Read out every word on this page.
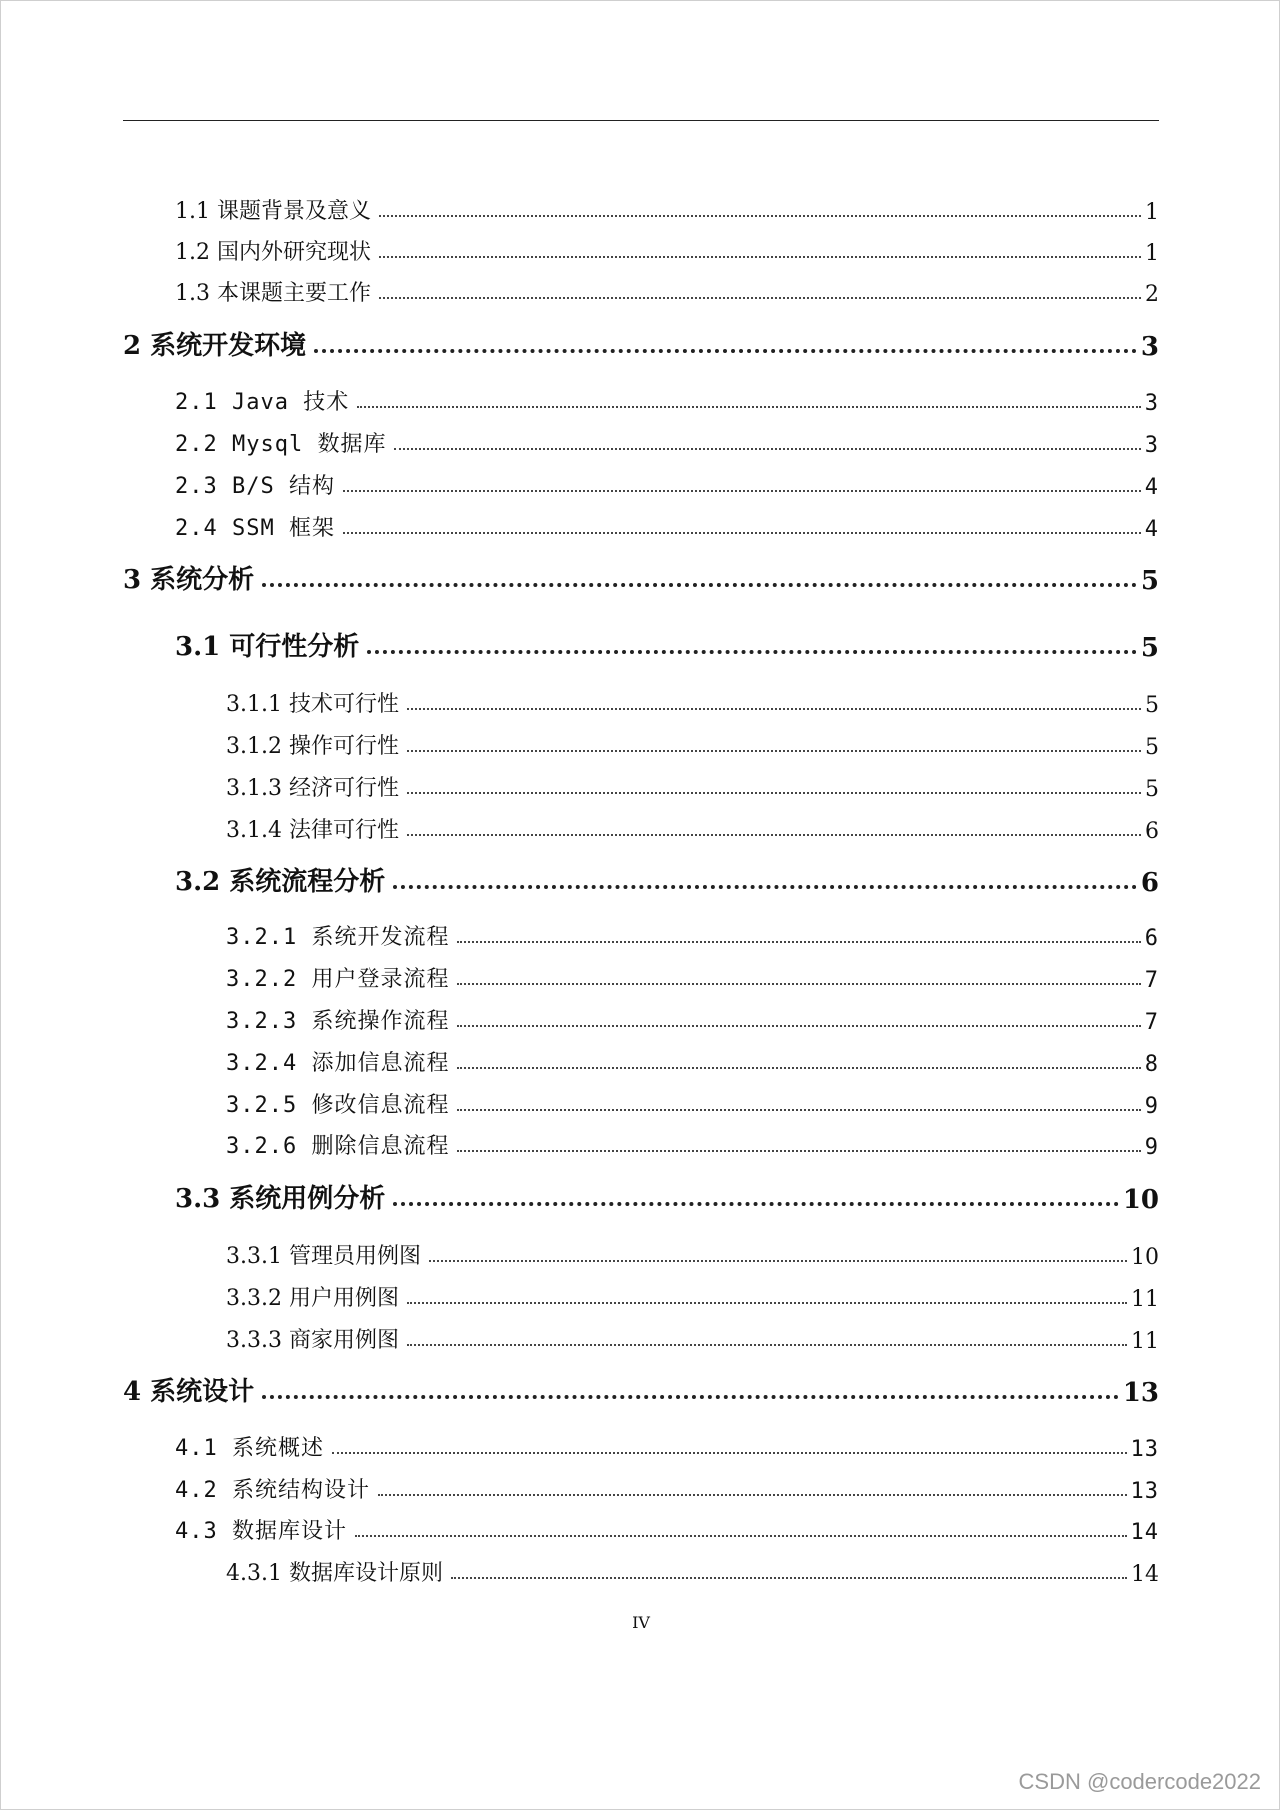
1.1 课题背景及意义	1
1.2 国内外研究现状	1
1.3 本课题主要工作	2
2 系统开发环境	3
2.1 Java 技术	3
2.2 Mysql 数据库	3
2.3 B/S 结构	4
2.4 SSM 框架	4
3 系统分析	5
3.1 可行性分析	5
3.1.1 技术可行性	5
3.1.2 操作可行性	5
3.1.3 经济可行性	5
3.1.4 法律可行性	6
3.2 系统流程分析	6
3.2.1 系统开发流程	6
3.2.2 用户登录流程	7
3.2.3 系统操作流程	7
3.2.4 添加信息流程	8
3.2.5 修改信息流程	9
3.2.6 删除信息流程	9
3.3 系统用例分析	10
3.3.1 管理员用例图	10
3.3.2 用户用例图	11
3.3.3 商家用例图	11
4 系统设计	13
4.1 系统概述	13
4.2 系统结构设计	13
4.3 数据库设计	14
4.3.1 数据库设计原则	14
IV
CSDN @codercode2022
